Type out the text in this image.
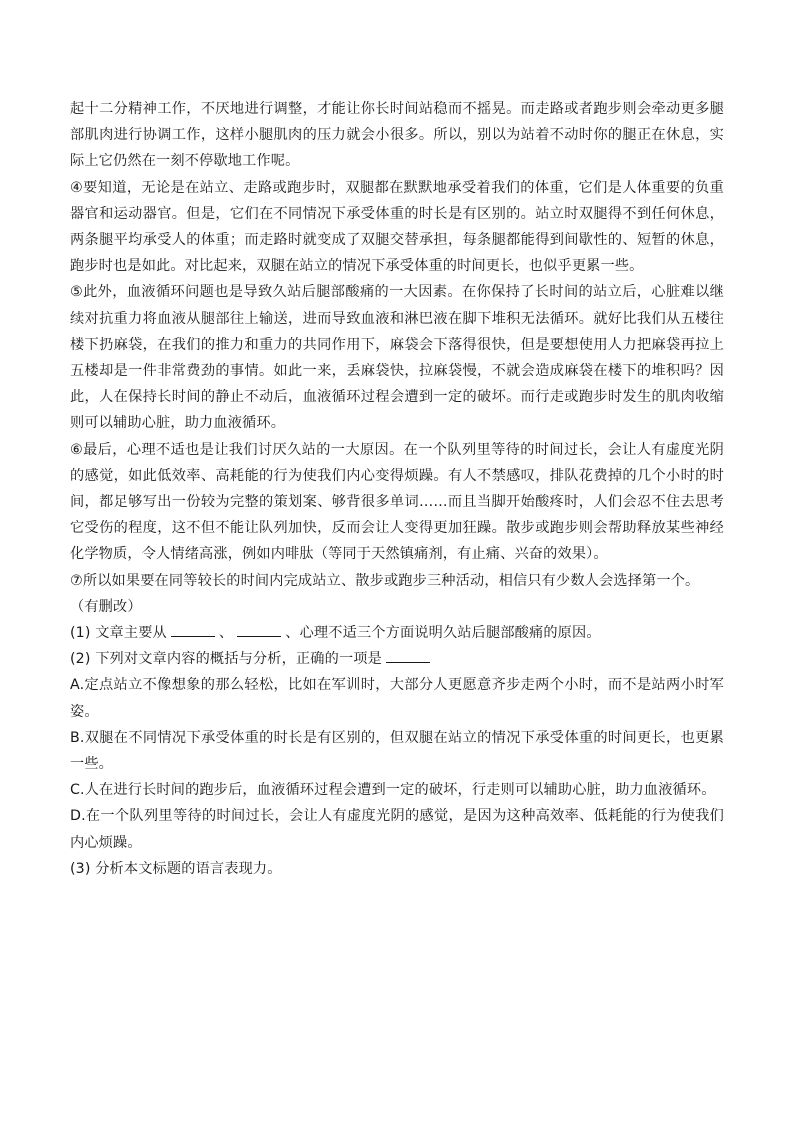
起十二分精神工作，不厌地进行调整，才能让你长时间站稳而不摇晃。而走路或者跑步则会牵动更多腿部肌肉进行协调工作，这样小腿肌肉的压力就会小很多。所以，别以为站着不动时你的腿正在休息，实际上它仍然在一刻不停歇地工作呢。

④要知道，无论是在站立、走路或跑步时，双腿都在默默地承受着我们的体重，它们是人体重要的负重器官和运动器官。但是，它们在不同情况下承受体重的时长是有区别的。站立时双腿得不到任何休息，两条腿平均承受人的体重；而走路时就变成了双腿交替承担，每条腿都能得到间歇性的、短暂的休息，跑步时也是如此。对比起来，双腿在站立的情况下承受体重的时间更长，也似乎更累一些。

⑤此外，血液循环问题也是导致久站后腿部酸痛的一大因素。在你保持了长时间的站立后，心脏难以继续对抗重力将血液从腿部往上输送，进而导致血液和淋巴液在脚下堆积无法循环。就好比我们从五楼往楼下扔麻袋，在我们的推力和重力的共同作用下，麻袋会下落得很快，但是要想使用人力把麻袋再拉上五楼却是一件非常费劲的事情。如此一来，丢麻袋快，拉麻袋慢，不就会造成麻袋在楼下的堆积吗？因此，人在保持长时间的静止不动后，血液循环过程会遭到一定的破坏。而行走或跑步时发生的肌肉收缩则可以辅助心脏，助力血液循环。

⑥最后，心理不适也是让我们讨厌久站的一大原因。在一个队列里等待的时间过长，会让人有虚度光阴的感觉，如此低效率、高耗能的行为使我们内心变得烦躁。有人不禁感叹，排队花费掉的几个小时的时间，都足够写出一份较为完整的策划案、够背很多单词……而且当脚开始酸疼时，人们会忍不住去思考它受伤的程度，这不但不能让队列加快，反而会让人变得更加狂躁。散步或跑步则会帮助释放某些神经化学物质，令人情绪高涨，例如内啡肽（等同于天然镇痛剂，有止痛、兴奋的效果）。

⑦所以如果要在同等较长的时间内完成站立、散步或跑步三种活动，相信只有少数人会选择第一个。

（有删改）

(1) 文章主要从	、	、心理不适三个方面说明久站后腿部酸痛的原因。

(2) 下列对文章内容的概括与分析，正确的一项是

A.定点站立不像想象的那么轻松，比如在军训时，大部分人更愿意齐步走两个小时，而不是站两小时军姿。

B.双腿在不同情况下承受体重的时长是有区别的，但双腿在站立的情况下承受体重的时间更长，也更累一些。

C.人在进行长时间的跑步后，血液循环过程会遭到一定的破坏，行走则可以辅助心脏，助力血液循环。

D.在一个队列里等待的时间过长，会让人有虚度光阴的感觉，是因为这种高效率、低耗能的行为使我们内心烦躁。

(3) 分析本文标题的语言表现力。
